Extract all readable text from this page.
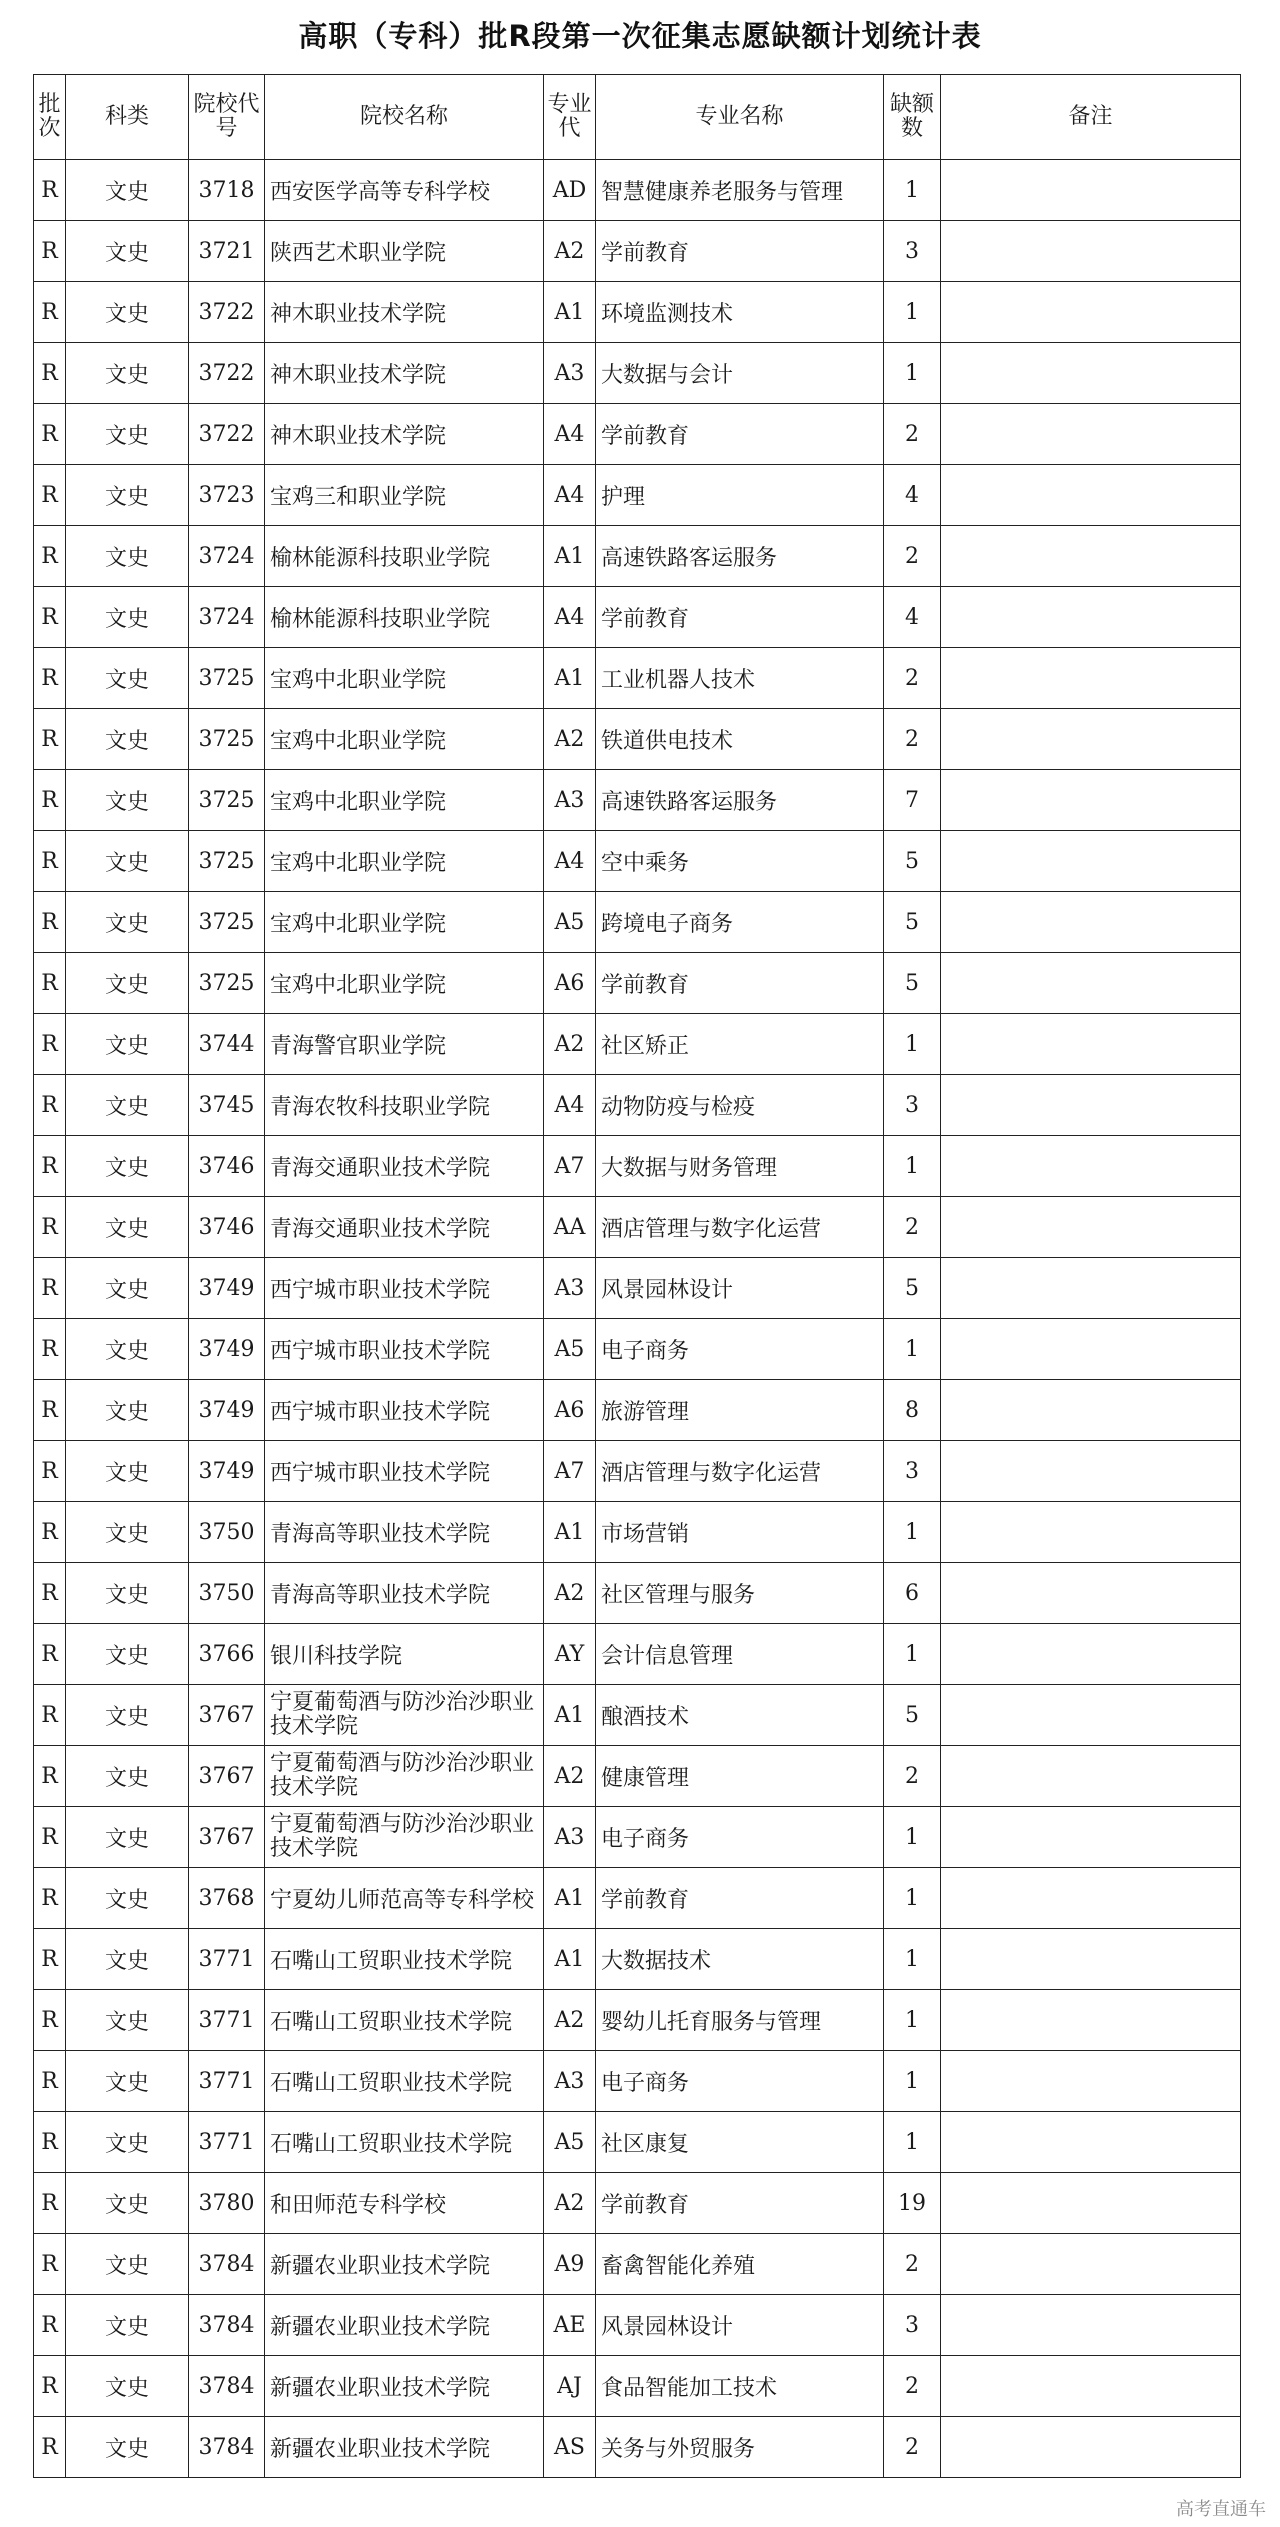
高职（专科）批R段第一次征集志愿缺额计划统计表
批次	科类	院校代号	院校名称	专业代	专业名称	缺额数	备注
R	文史	3718	西安医学高等专科学校	AD	智慧健康养老服务与管理	1	
R	文史	3721	陕西艺术职业学院	A2	学前教育	3	
R	文史	3722	神木职业技术学院	A1	环境监测技术	1	
R	文史	3722	神木职业技术学院	A3	大数据与会计	1	
R	文史	3722	神木职业技术学院	A4	学前教育	2	
R	文史	3723	宝鸡三和职业学院	A4	护理	4	
R	文史	3724	榆林能源科技职业学院	A1	高速铁路客运服务	2	
R	文史	3724	榆林能源科技职业学院	A4	学前教育	4	
R	文史	3725	宝鸡中北职业学院	A1	工业机器人技术	2	
R	文史	3725	宝鸡中北职业学院	A2	铁道供电技术	2	
R	文史	3725	宝鸡中北职业学院	A3	高速铁路客运服务	7	
R	文史	3725	宝鸡中北职业学院	A4	空中乘务	5	
R	文史	3725	宝鸡中北职业学院	A5	跨境电子商务	5	
R	文史	3725	宝鸡中北职业学院	A6	学前教育	5	
R	文史	3744	青海警官职业学院	A2	社区矫正	1	
R	文史	3745	青海农牧科技职业学院	A4	动物防疫与检疫	3	
R	文史	3746	青海交通职业技术学院	A7	大数据与财务管理	1	
R	文史	3746	青海交通职业技术学院	AA	酒店管理与数字化运营	2	
R	文史	3749	西宁城市职业技术学院	A3	风景园林设计	5	
R	文史	3749	西宁城市职业技术学院	A5	电子商务	1	
R	文史	3749	西宁城市职业技术学院	A6	旅游管理	8	
R	文史	3749	西宁城市职业技术学院	A7	酒店管理与数字化运营	3	
R	文史	3750	青海高等职业技术学院	A1	市场营销	1	
R	文史	3750	青海高等职业技术学院	A2	社区管理与服务	6	
R	文史	3766	银川科技学院	AY	会计信息管理	1	
R	文史	3767	宁夏葡萄酒与防沙治沙职业技术学院	A1	酿酒技术	5	
R	文史	3767	宁夏葡萄酒与防沙治沙职业技术学院	A2	健康管理	2	
R	文史	3767	宁夏葡萄酒与防沙治沙职业技术学院	A3	电子商务	1	
R	文史	3768	宁夏幼儿师范高等专科学校	A1	学前教育	1	
R	文史	3771	石嘴山工贸职业技术学院	A1	大数据技术	1	
R	文史	3771	石嘴山工贸职业技术学院	A2	婴幼儿托育服务与管理	1	
R	文史	3771	石嘴山工贸职业技术学院	A3	电子商务	1	
R	文史	3771	石嘴山工贸职业技术学院	A5	社区康复	1	
R	文史	3780	和田师范专科学校	A2	学前教育	19	
R	文史	3784	新疆农业职业技术学院	A9	畜禽智能化养殖	2	
R	文史	3784	新疆农业职业技术学院	AE	风景园林设计	3	
R	文史	3784	新疆农业职业技术学院	AJ	食品智能加工技术	2	
R	文史	3784	新疆农业职业技术学院	AS	关务与外贸服务	2	
高考直通车
